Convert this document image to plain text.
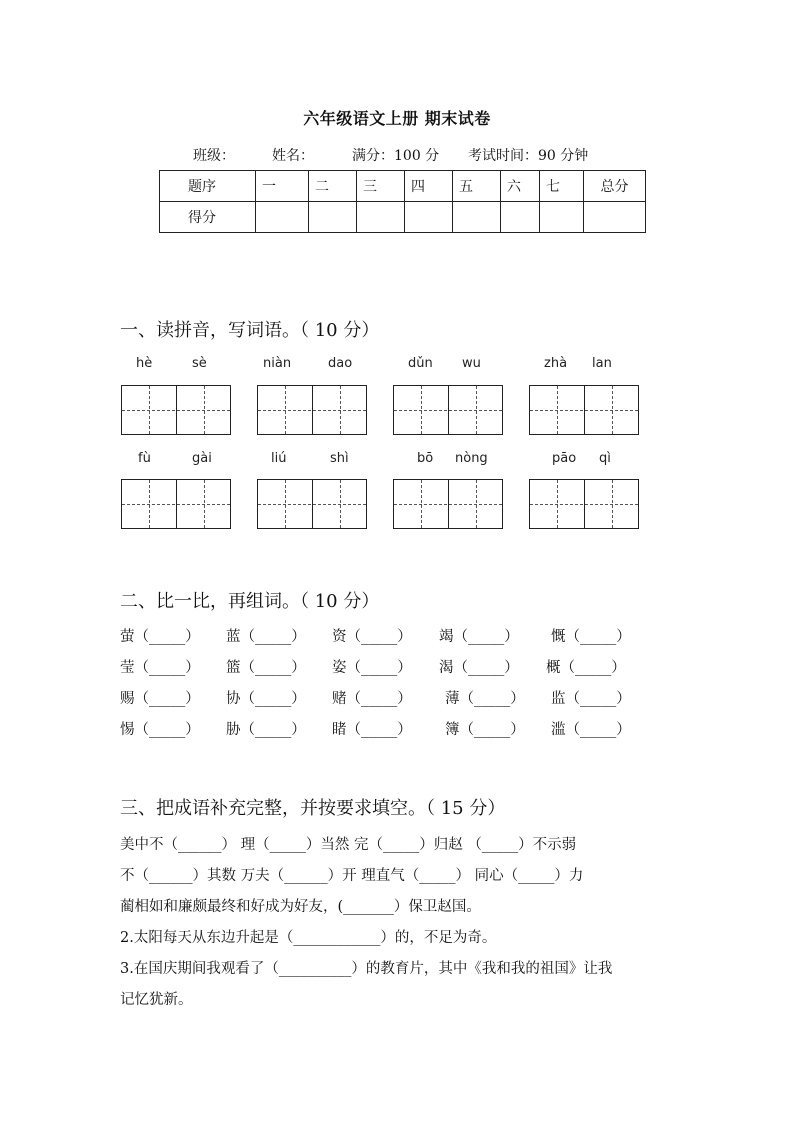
六年级语文上册 期末试卷
班级：	姓名：	满分：100 分 考试时间：90 分钟
题序	一	二	三	四	五	六	七	总分
得分								
一、读拼音，写词语。（ 10 分）
hè	sè	niàn	dao	dǔn wu	zhà lan
fù	gài	liú	shì	bō nòng	pāo qì
二、比一比，再组词。（ 10 分）
萤（_____） 蓝（_____） 资（_____） 竭（_____） 慨（_____）
莹（_____） 篮（_____） 姿（_____） 渴（_____） 概（_____）
赐（_____） 协（_____） 赌（_____） 薄（_____） 监（_____）
惕（_____） 胁（_____） 睹（_____） 簿（_____） 滥（_____）
三、把成语补充完整，并按要求填空。（ 15 分）
美中不（______） 理（_____）当然 完（_____）归赵 （_____）不示弱
不（______）其数 万夫（______）开 理直气（_____） 同心（_____）力
蔺相如和廉颇最终和好成为好友，(_______）保卫赵国。
2.太阳每天从东边升起是（____________）的，不足为奇。
3.在国庆期间我观看了（__________）的教育片，其中《我和我的祖国》让我
记忆犹新。
